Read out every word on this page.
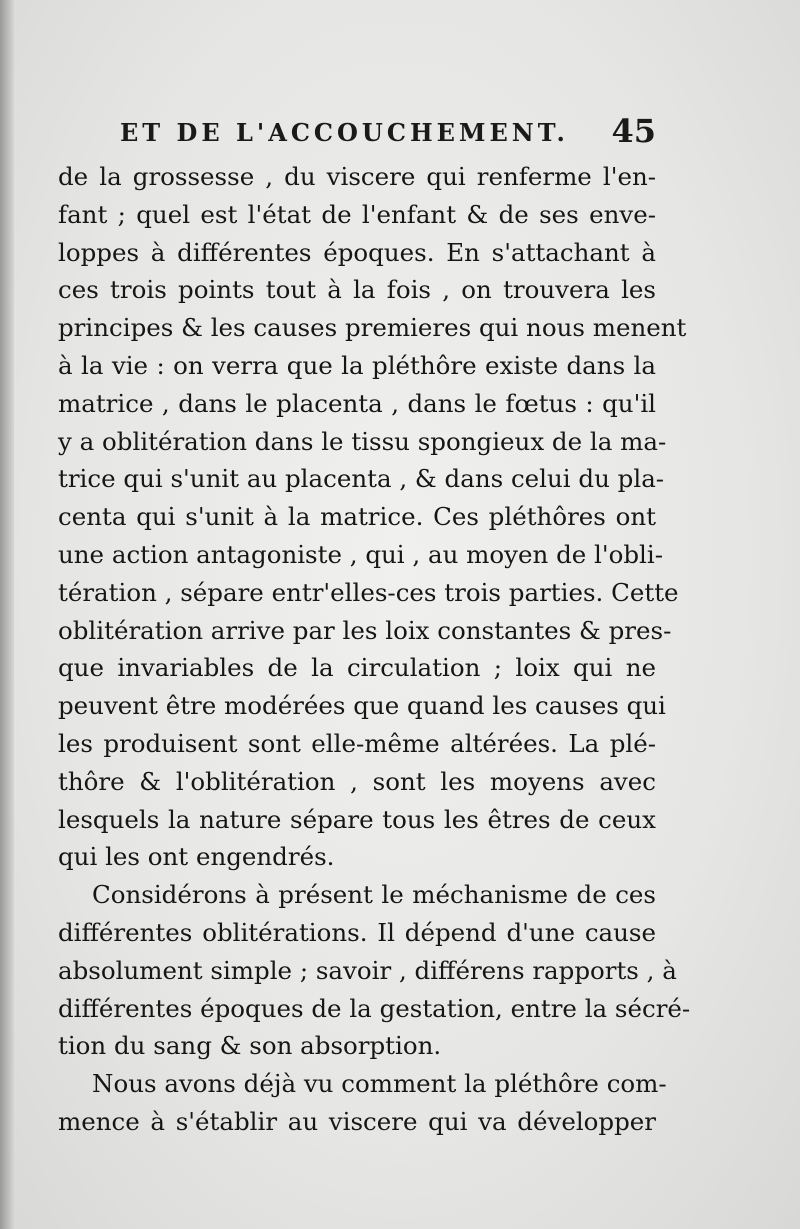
ET DE L'ACCOUCHEMENT. 45
de la grossesse , du viscere qui renferme l'en-
fant ; quel est l'état de l'enfant & de ses enve-
loppes à différentes époques. En s'attachant à
ces trois points tout à la fois , on trouvera les
principes & les causes premieres qui nous menent
à la vie : on verra que la pléthôre existe dans la
matrice , dans le placenta , dans le fœtus : qu'il
y a oblitération dans le tissu spongieux de la ma-
trice qui s'unit au placenta , & dans celui du pla-
centa qui s'unit à la matrice. Ces pléthôres ont
une action antagoniste , qui , au moyen de l'obli-
tération , sépare entr'elles-ces trois parties. Cette
oblitération arrive par les loix constantes & pres-
que invariables de la circulation ; loix qui ne
peuvent être modérées que quand les causes qui
les produisent sont elle-même altérées. La plé-
thôre & l'oblitération , sont les moyens avec
lesquels la nature sépare tous les êtres de ceux
qui les ont engendrés.
Considérons à présent le méchanisme de ces
différentes oblitérations. Il dépend d'une cause
absolument simple ; savoir , différens rapports , à
différentes époques de la gestation, entre la sécré-
tion du sang & son absorption.
Nous avons déjà vu comment la pléthôre com-
mence à s'établir au viscere qui va développer
